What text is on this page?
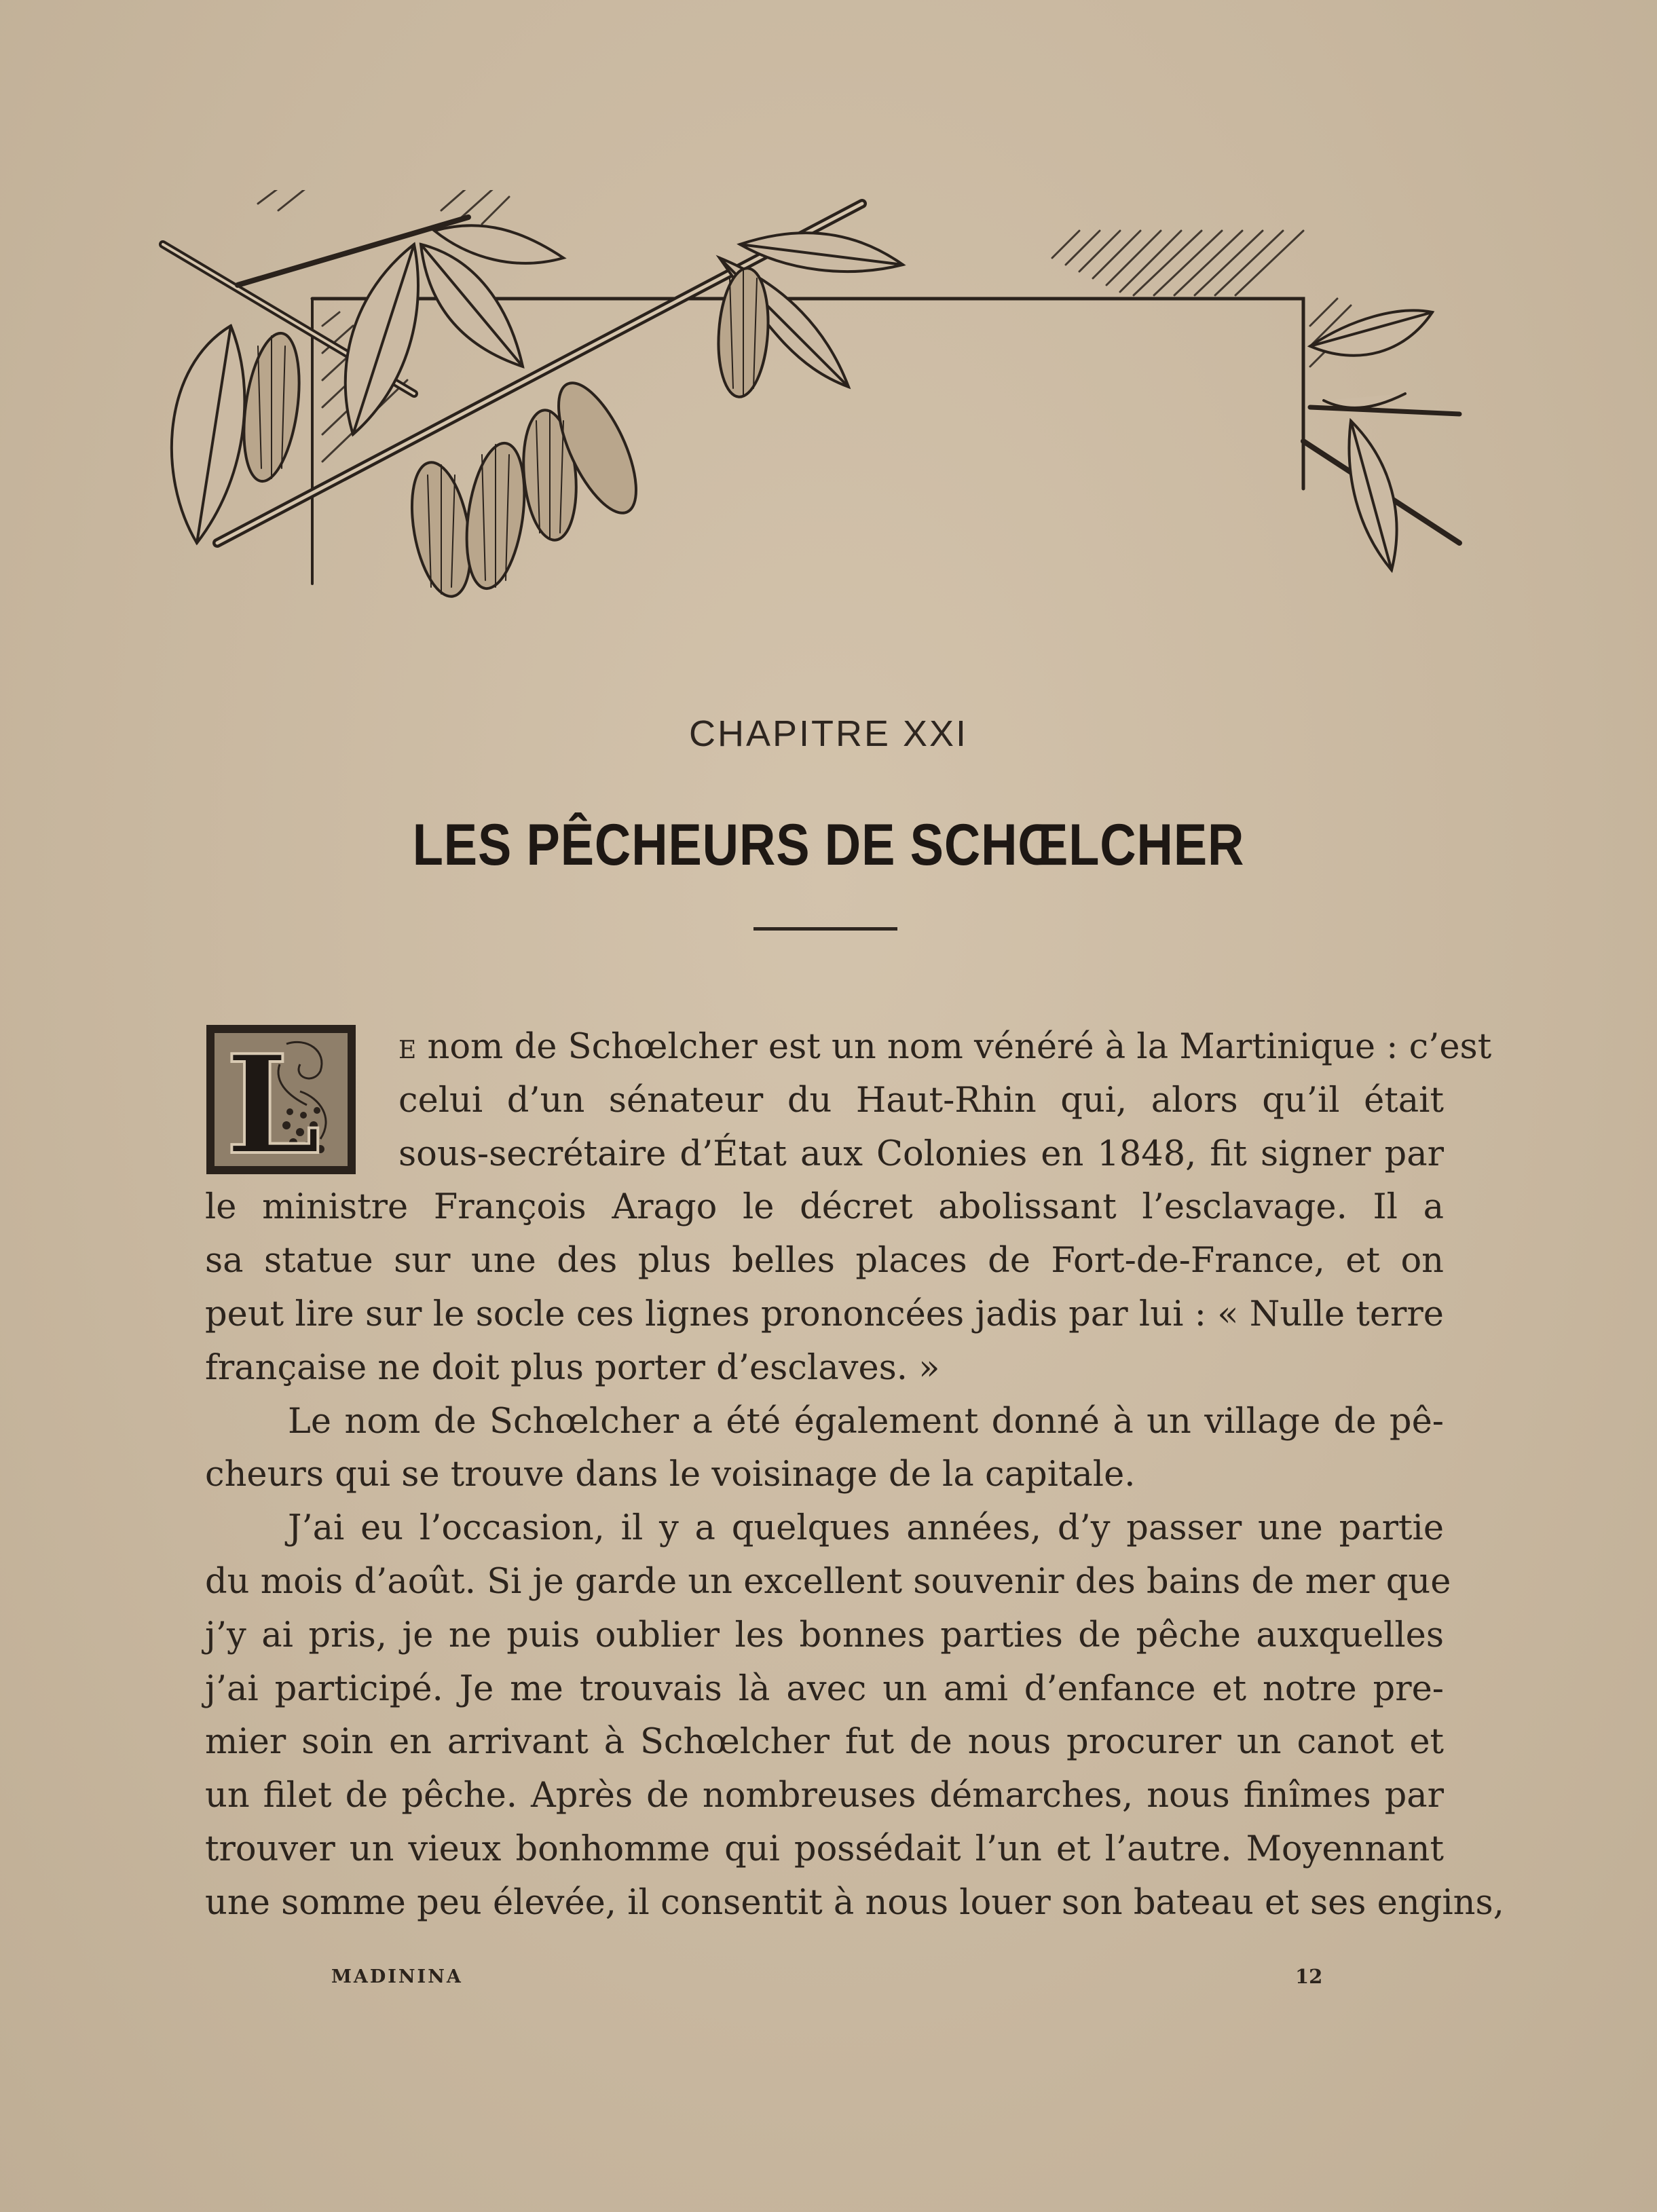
CHAPITRE XXI
LES PÊCHEURS DE SCHŒLCHER
L	E nom de Schœlcher est un nom vénéré à la Martinique : c’est
celui d’un sénateur du Haut-Rhin qui, alors qu’il était
sous-secrétaire d’État aux Colonies en 1848, fit signer par
le ministre François Arago le décret abolissant l’esclavage. Il a
sa statue sur une des plus belles places de Fort-de-France, et on
peut lire sur le socle ces lignes prononcées jadis par lui : « Nulle terre
française ne doit plus porter d’esclaves. »
Le nom de Schœlcher a été également donné à un village de pê-
cheurs qui se trouve dans le voisinage de la capitale.
J’ai eu l’occasion, il y a quelques années, d’y passer une partie
du mois d’août. Si je garde un excellent souvenir des bains de mer que
j’y ai pris, je ne puis oublier les bonnes parties de pêche auxquelles
j’ai participé. Je me trouvais là avec un ami d’enfance et notre pre-
mier soin en arrivant à Schœlcher fut de nous procurer un canot et
un filet de pêche. Après de nombreuses démarches, nous finîmes par
trouver un vieux bonhomme qui possédait l’un et l’autre. Moyennant
une somme peu élevée, il consentit à nous louer son bateau et ses engins,
MADININA	12
